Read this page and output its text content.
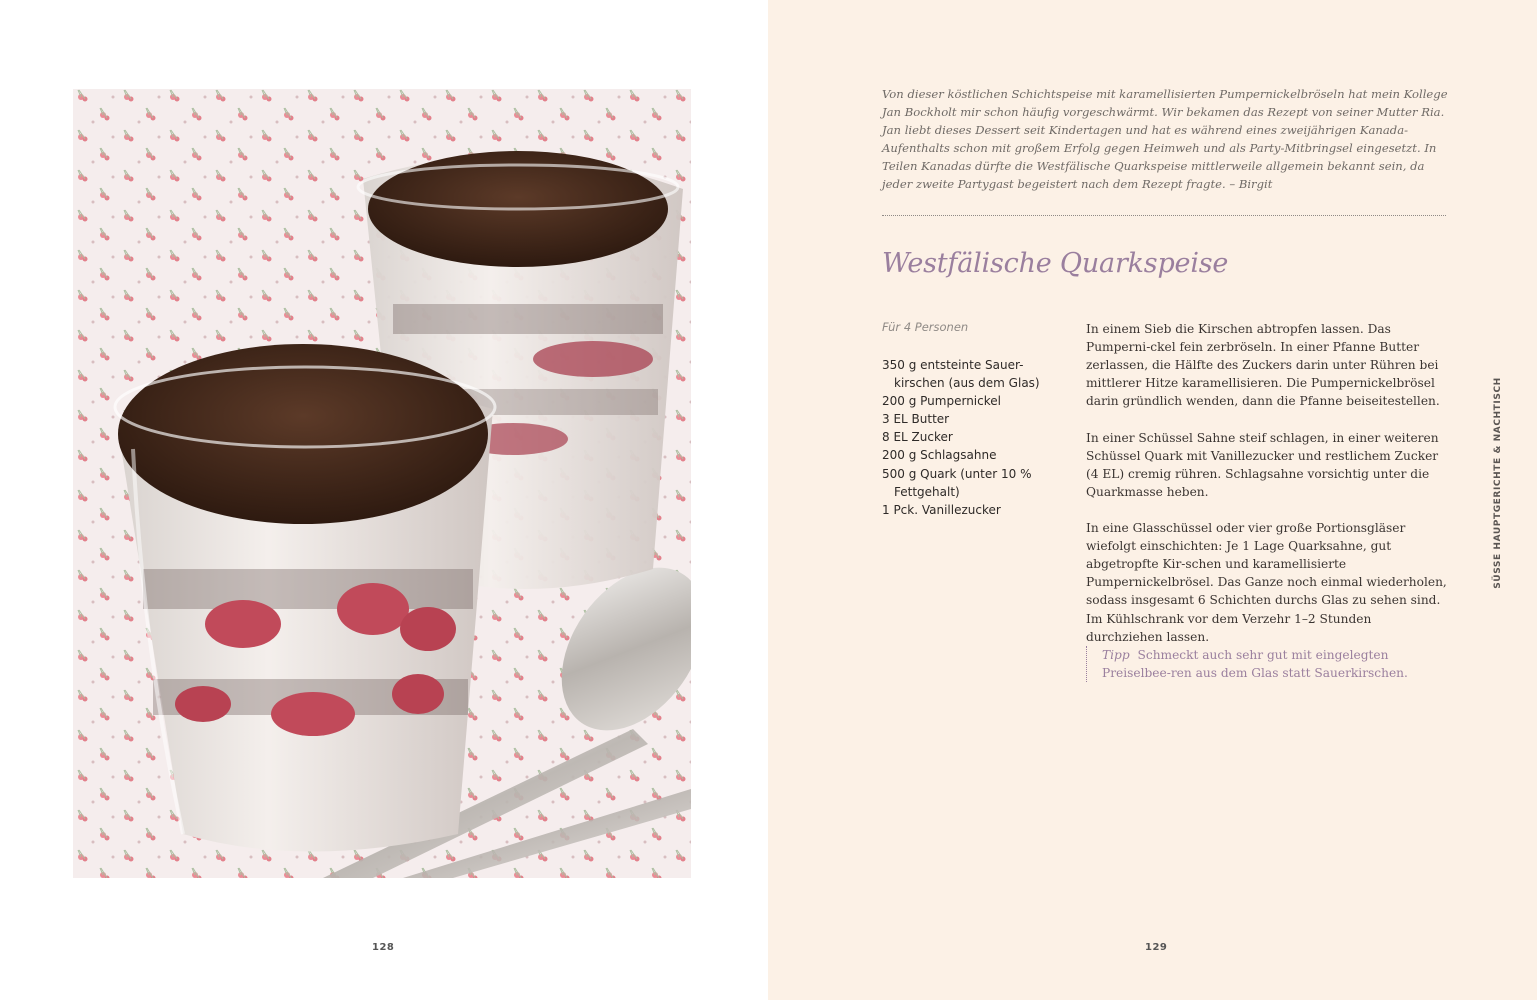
128

Von dieser köstlichen Schichtspeise mit karamellisierten Pumpernickelbröseln hat mein Kollege Jan Bockholt mir schon häufig vorgeschwärmt. Wir bekamen das Rezept von seiner Mutter Ria. Jan liebt dieses Dessert seit Kindertagen und hat es während eines zweijährigen Kanada-Aufenthalts schon mit großem Erfolg gegen Heimweh und als Party-Mitbringsel eingesetzt. In Teilen Kanadas dürfte die Westfälische Quarkspeise mittlerweile allgemein bekannt sein, da jeder zweite Partygast begeistert nach dem Rezept fragte. – Birgit

Westfälische Quarkspeise
Für 4 Personen
350 g entsteinte Sauer-kirschen (aus dem Glas)
200 g Pumpernickel
3 EL Butter
8 EL Zucker
200 g Schlagsahne
500 g Quark (unter 10 % Fettgehalt)
1 Pck. Vanillezucker

In einem Sieb die Kirschen abtropfen lassen. Das Pumperni-ckel fein zerbröseln. In einer Pfanne Butter zerlassen, die Hälfte des Zuckers darin unter Rühren bei mittlerer Hitze karamellisieren. Die Pumpernickelbrösel darin gründlich wenden, dann die Pfanne beiseitestellen.

In einer Schüssel Sahne steif schlagen, in einer weiteren Schüssel Quark mit Vanillezucker und restlichem Zucker (4 EL) cremig rühren. Schlagsahne vorsichtig unter die Quarkmasse heben.

In eine Glasschüssel oder vier große Portionsgläser wiefolgt einschichten: Je 1 Lage Quarksahne, gut abgetropfte Kir-schen und karamellisierte Pumpernickelbrösel. Das Ganze noch einmal wiederholen, sodass insgesamt 6 Schichten durchs Glas zu sehen sind. Im Kühlschrank vor dem Verzehr 1–2 Stunden durchziehen lassen.

Tipp Schmeckt auch sehr gut mit eingelegten Preiselbee-ren aus dem Glas statt Sauerkirschen.
SÜSSE HAUPTGERICHTE & NACHTISCH
129
